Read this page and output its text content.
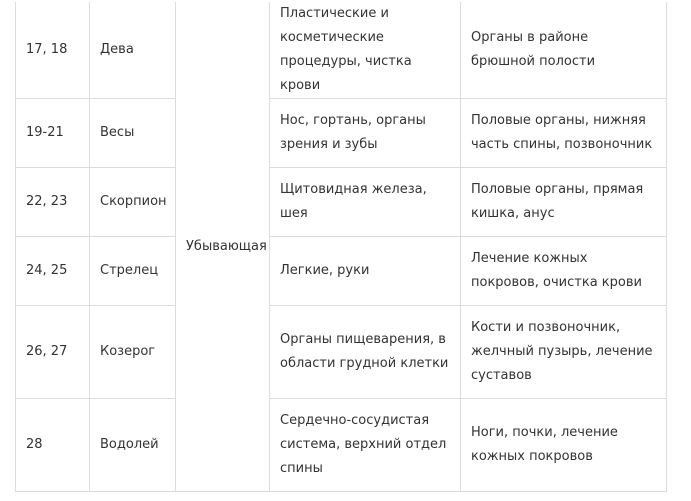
17, 18	Дева	Убывающая	Пластические и косметические процедуры, чистка крови	Органы в районе брюшной полости
19-21	Весы		Нос, гортань, органы зрения и зубы	Половые органы, нижняя часть спины, позвоночник
22, 23	Скорпион		Щитовидная железа, шея	Половые органы, прямая кишка, анус
24, 25	Стрелец		Легкие, руки	Лечение кожных покровов, очистка крови
26, 27	Козерог		Органы пищеварения, в области грудной клетки	Кости и позвоночник, желчный пузырь, лечение суставов
28	Водолей		Сердечно-сосудистая система, верхний отдел спины	Ноги, почки, лечение кожных покровов
